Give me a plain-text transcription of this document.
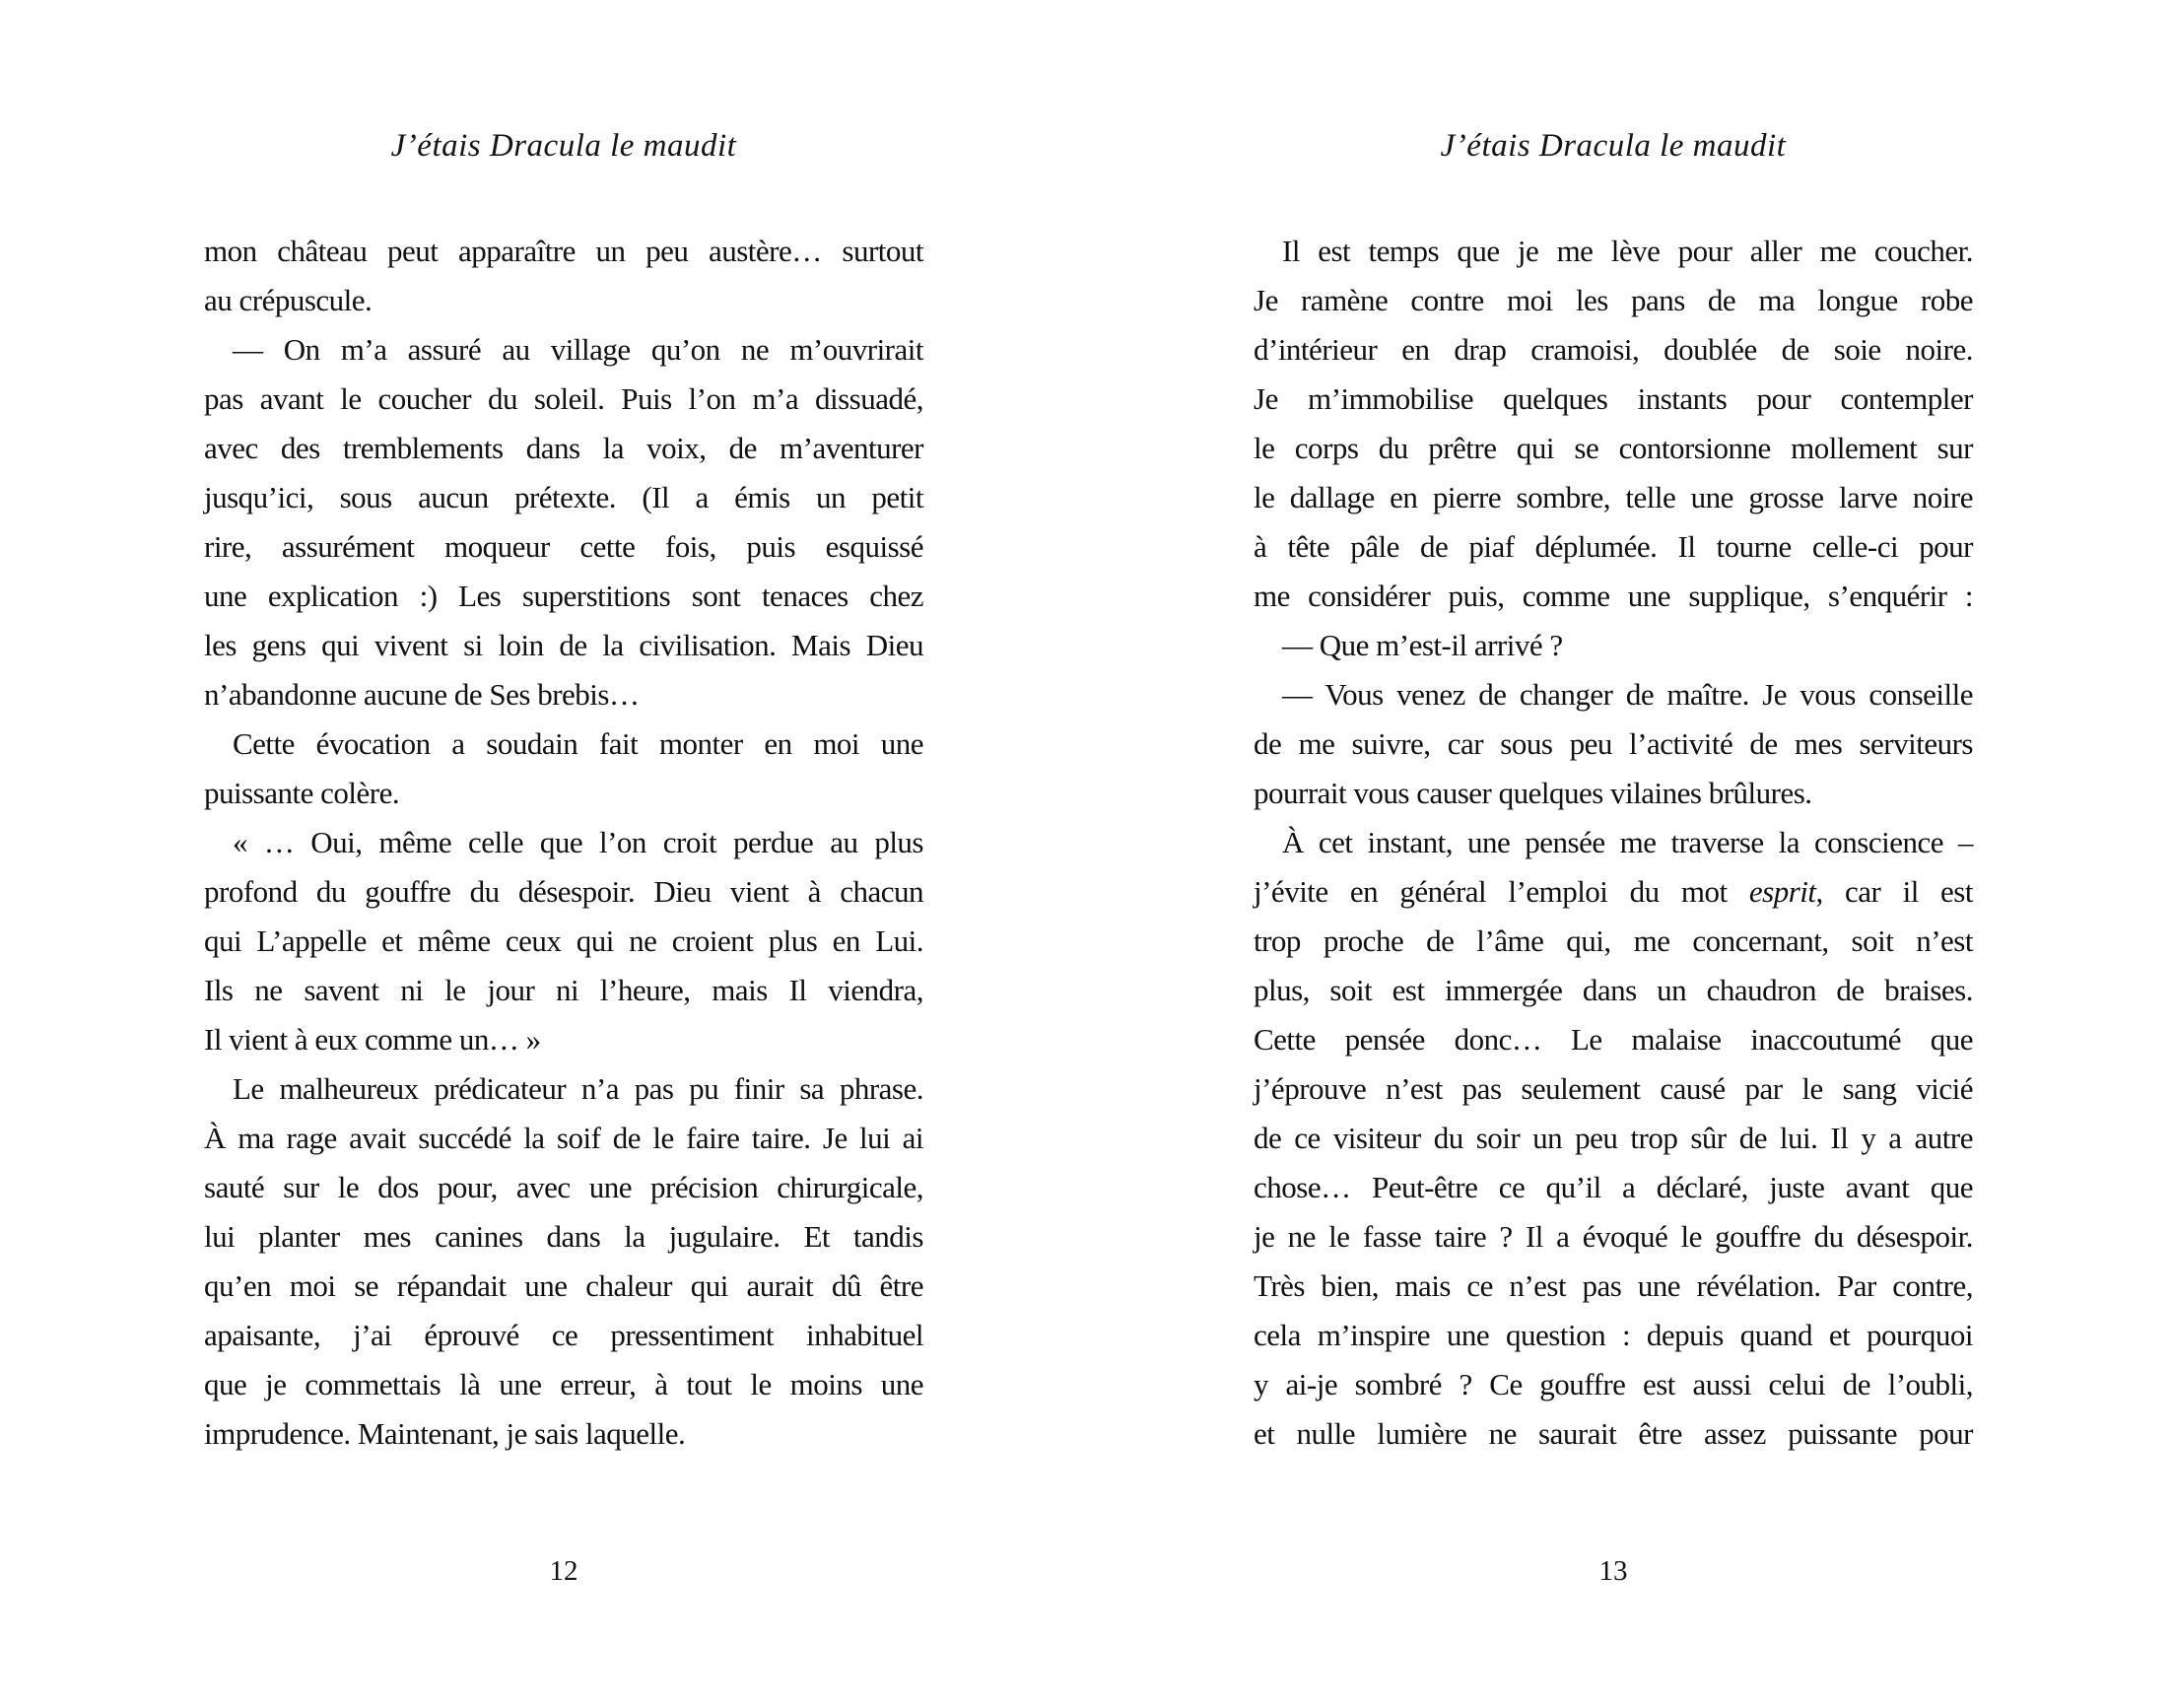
J’étais Dracula le maudit
mon château peut apparaître un peu austère… surtout
au crépuscule.
— On m’a assuré au village qu’on ne m’ouvrirait
pas avant le coucher du soleil. Puis l’on m’a dissuadé,
avec des tremblements dans la voix, de m’aventurer
jusqu’ici, sous aucun prétexte. (Il a émis un petit
rire, assurément moqueur cette fois, puis esquissé
une explication :) Les superstitions sont tenaces chez
les gens qui vivent si loin de la civilisation. Mais Dieu
n’abandonne aucune de Ses brebis…
Cette évocation a soudain fait monter en moi une
puissante colère.
« … Oui, même celle que l’on croit perdue au plus
profond du gouffre du désespoir. Dieu vient à chacun
qui L’appelle et même ceux qui ne croient plus en Lui.
Ils ne savent ni le jour ni l’heure, mais Il viendra,
Il vient à eux comme un… »
Le malheureux prédicateur n’a pas pu finir sa phrase.
À ma rage avait succédé la soif de le faire taire. Je lui ai
sauté sur le dos pour, avec une précision chirurgicale,
lui planter mes canines dans la jugulaire. Et tandis
qu’en moi se répandait une chaleur qui aurait dû être
apaisante, j’ai éprouvé ce pressentiment inhabituel
que je commettais là une erreur, à tout le moins une
imprudence. Maintenant, je sais laquelle.
12
J’étais Dracula le maudit
Il est temps que je me lève pour aller me coucher.
Je ramène contre moi les pans de ma longue robe
d’intérieur en drap cramoisi, doublée de soie noire.
Je m’immobilise quelques instants pour contempler
le corps du prêtre qui se contorsionne mollement sur
le dallage en pierre sombre, telle une grosse larve noire
à tête pâle de piaf déplumée. Il tourne celle-ci pour
me considérer puis, comme une supplique, s’enquérir :
— Que m’est-il arrivé ?
— Vous venez de changer de maître. Je vous conseille
de me suivre, car sous peu l’activité de mes serviteurs
pourrait vous causer quelques vilaines brûlures.
À cet instant, une pensée me traverse la conscience –
j’évite en général l’emploi du mot esprit, car il est
trop proche de l’âme qui, me concernant, soit n’est
plus, soit est immergée dans un chaudron de braises.
Cette pensée donc… Le malaise inaccoutumé que
j’éprouve n’est pas seulement causé par le sang vicié
de ce visiteur du soir un peu trop sûr de lui. Il y a autre
chose… Peut-être ce qu’il a déclaré, juste avant que
je ne le fasse taire ? Il a évoqué le gouffre du désespoir.
Très bien, mais ce n’est pas une révélation. Par contre,
cela m’inspire une question : depuis quand et pourquoi
y ai-je sombré ? Ce gouffre est aussi celui de l’oubli,
et nulle lumière ne saurait être assez puissante pour
13
